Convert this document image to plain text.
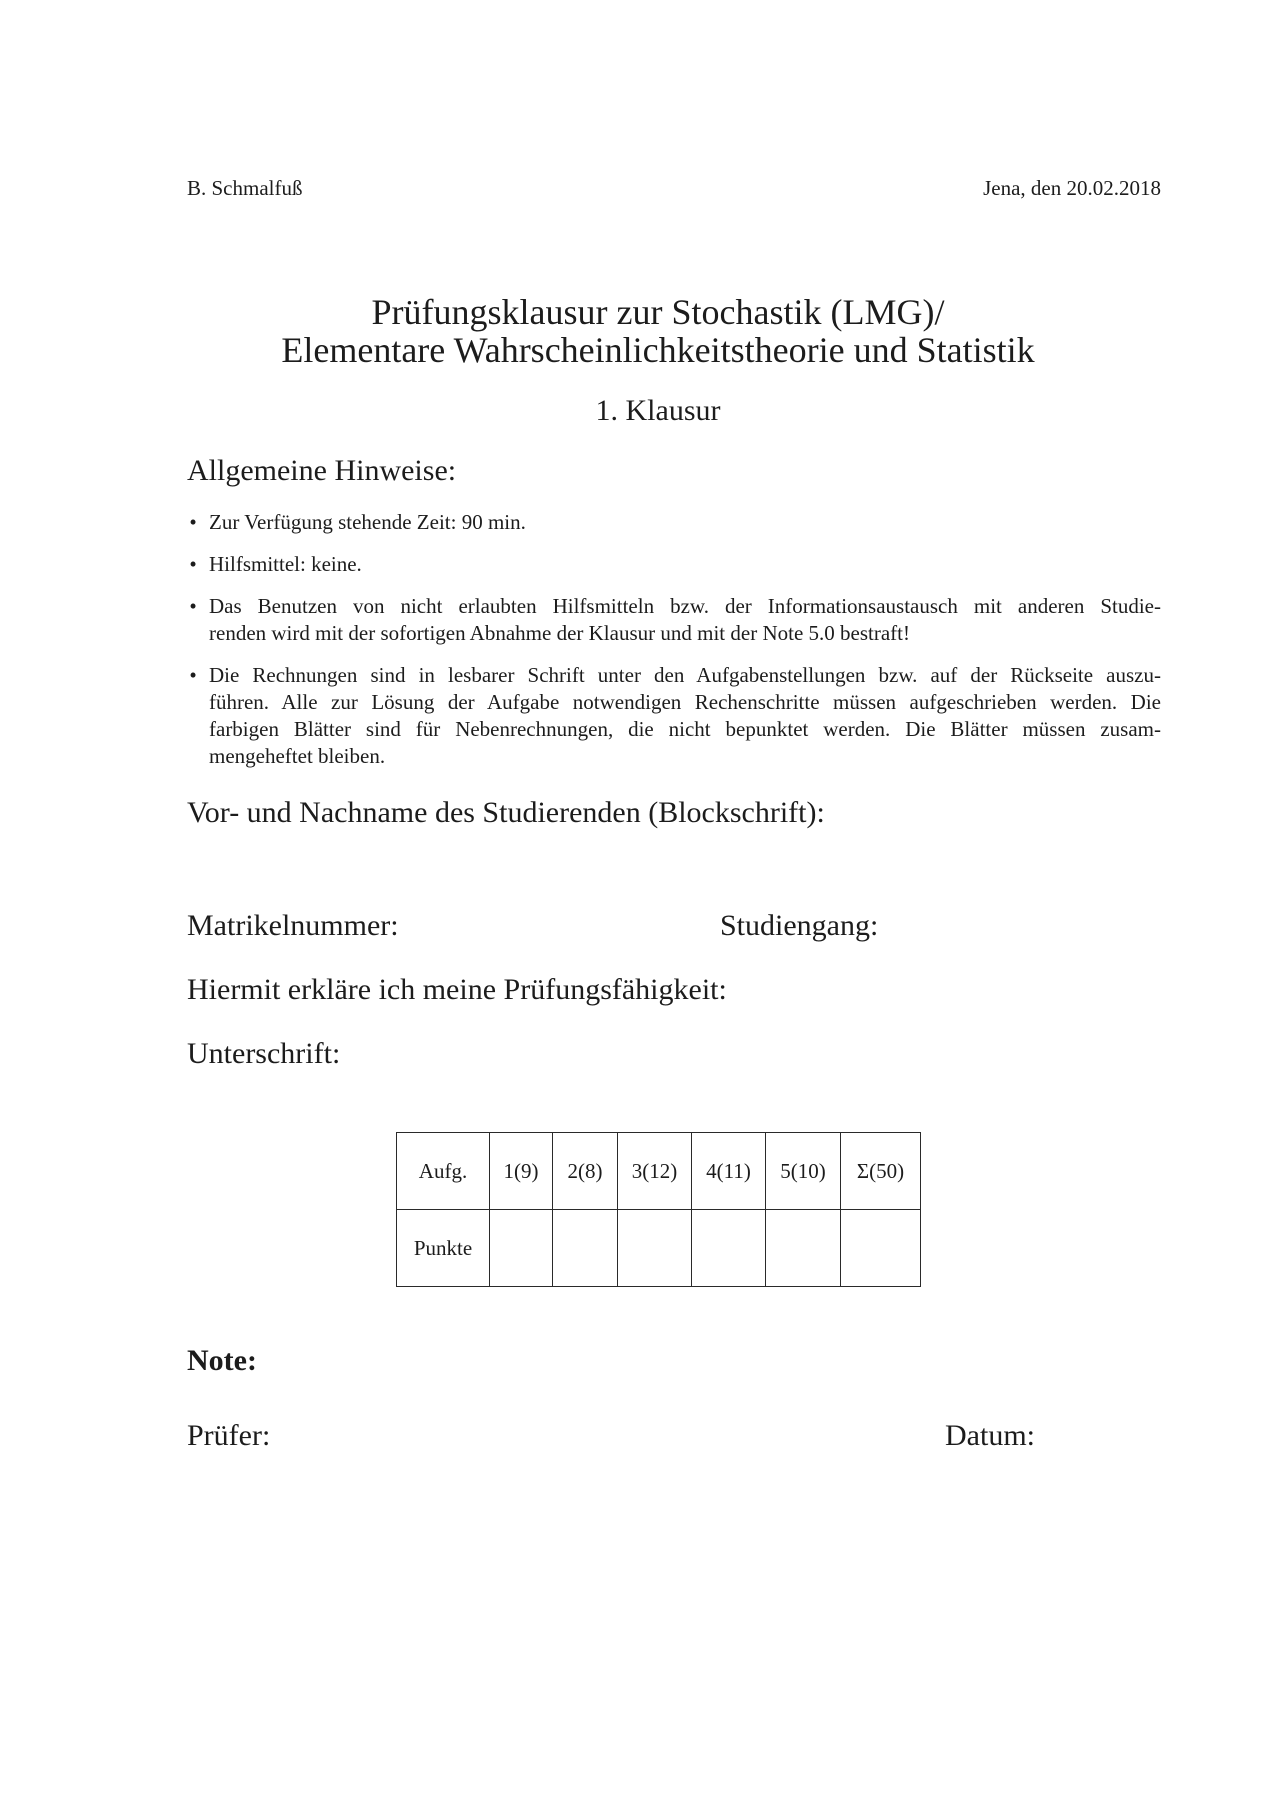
B. Schmalfuß	Jena, den 20.02.2018
Prüfungsklausur zur Stochastik (LMG)/
Elementare Wahrscheinlichkeitstheorie und Statistik
1. Klausur
Allgemeine Hinweise:
• Zur Verfügung stehende Zeit: 90 min.
• Hilfsmittel: keine.
• Das Benutzen von nicht erlaubten Hilfsmitteln bzw. der Informationsaustausch mit anderen Studie-
renden wird mit der sofortigen Abnahme der Klausur und mit der Note 5.0 bestraft!
• Die Rechnungen sind in lesbarer Schrift unter den Aufgabenstellungen bzw. auf der Rückseite auszu-
führen. Alle zur Lösung der Aufgabe notwendigen Rechenschritte müssen aufgeschrieben werden. Die
farbigen Blätter sind für Nebenrechnungen, die nicht bepunktet werden. Die Blätter müssen zusam-
mengeheftet bleiben.
Vor- und Nachname des Studierenden (Blockschrift):
Matrikelnummer:	Studiengang:
Hiermit erkläre ich meine Prüfungsfähigkeit:
Unterschrift:
Aufg.	1(9)	2(8)	3(12)	4(11)	5(10)	Σ(50)
Punkte						
Note:
Prüfer:	Datum:
